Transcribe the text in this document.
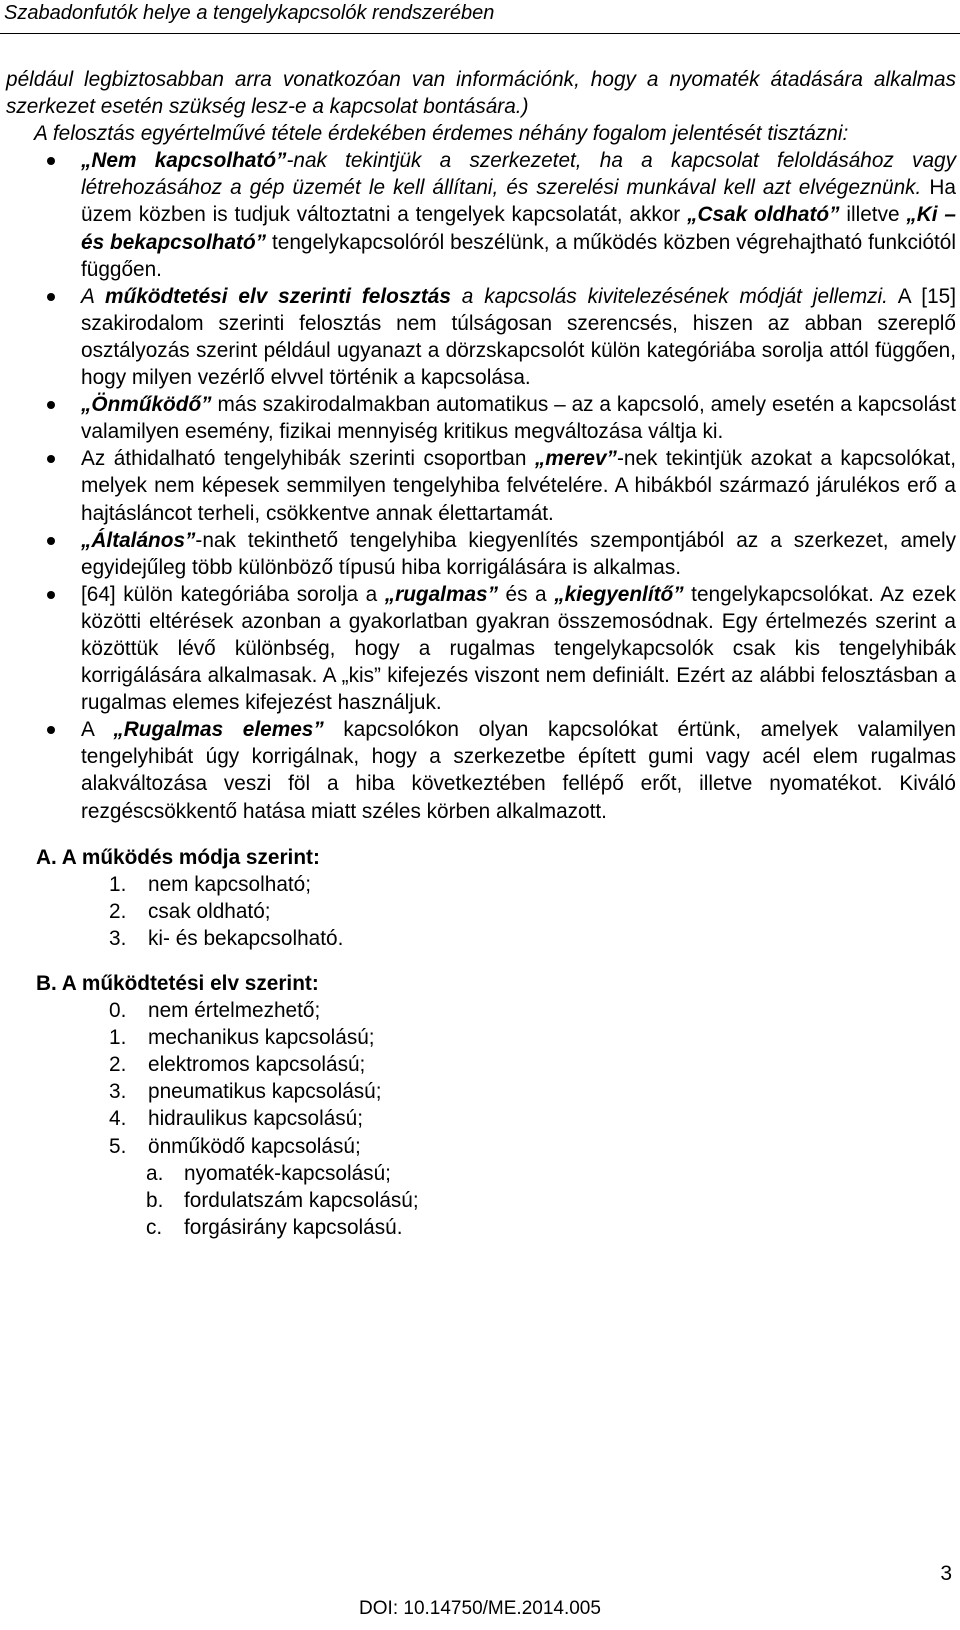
Szabadonfutók helye a tengelykapcsolók rendszerében

például legbiztosabban arra vonatkozóan van információnk, hogy a nyomaték átadására alkalmas szerkezet esetén szükség lesz-e a kapcsolat bontására.)

A felosztás egyértelművé tétele érdekében érdemes néhány fogalom jelentését tisztázni:

„Nem kapcsolható”-nak tekintjük a szerkezetet, ha a kapcsolat feloldásához vagy létrehozásához a gép üzemét le kell állítani, és szerelési munkával kell azt elvégeznünk. Ha üzem közben is tudjuk változtatni a tengelyek kapcsolatát, akkor „Csak oldható” illetve „Ki – és bekapcsolható” tengelykapcsolóról beszélünk, a működés közben végrehajtható funkciótól függően.
A működtetési elv szerinti felosztás a kapcsolás kivitelezésének módját jellemzi. A [15] szakirodalom szerinti felosztás nem túlságosan szerencsés, hiszen az abban szereplő osztályozás szerint például ugyanazt a dörzskapcsolót külön kategóriába sorolja attól függően, hogy milyen vezérlő elvvel történik a kapcsolása.
„Önműködő” más szakirodalmakban automatikus – az a kapcsoló, amely esetén a kapcsolást valamilyen esemény, fizikai mennyiség kritikus megváltozása váltja ki.
Az áthidalható tengelyhibák szerinti csoportban „merev”-nek tekintjük azokat a kapcsolókat, melyek nem képesek semmilyen tengelyhiba felvételére. A hibákból származó járulékos erő a hajtásláncot terheli, csökkentve annak élettartamát.
„Általános”-nak tekinthető tengelyhiba kiegyenlítés szempontjából az a szerkezet, amely egyidejűleg több különböző típusú hiba korrigálására is alkalmas.
[64] külön kategóriába sorolja a „rugalmas” és a „kiegyenlítő” tengelykapcsolókat. Az ezek közötti eltérések azonban a gyakorlatban gyakran összemosódnak. Egy értelmezés szerint a közöttük lévő különbség, hogy a rugalmas tengelykapcsolók csak kis tengelyhibák korrigálására alkalmasak. A „kis” kifejezés viszont nem definiált. Ezért az alábbi felosztásban a rugalmas elemes kifejezést használjuk.
A „Rugalmas elemes” kapcsolókon olyan kapcsolókat értünk, amelyek valamilyen tengelyhibát úgy korrigálnak, hogy a szerkezetbe épített gumi vagy acél elem rugalmas alakváltozása veszi föl a hiba következtében fellépő erőt, illetve nyomatékot. Kiváló rezgéscsökkentő hatása miatt széles körben alkalmazott.

A. A működés módja szerint:

1. nem kapcsolható;
2. csak oldható;
3. ki- és bekapcsolható.

B. A működtetési elv szerint:

0. nem értelmezhető;
1. mechanikus kapcsolású;
2. elektromos kapcsolású;
3. pneumatikus kapcsolású;
4. hidraulikus kapcsolású;
5. önműködő kapcsolású;
a. nyomaték-kapcsolású;
b. fordulatszám kapcsolású;
c. forgásirány kapcsolású.
3
DOI: 10.14750/ME.2014.005
